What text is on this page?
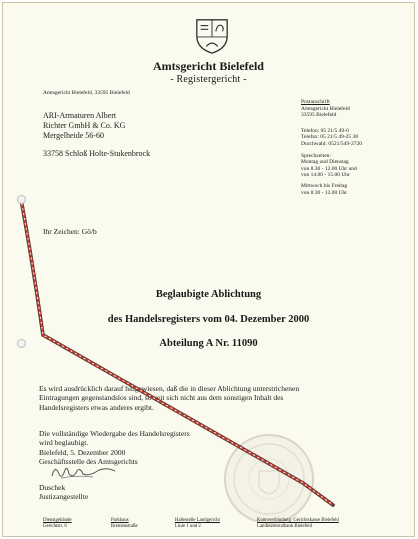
Amtsgericht Bielefeld
- Registergericht -
Amtsgericht Bielefeld, 33595 Bielefeld
ARI-Armaturen Albert
Richter GmbH & Co. KG
Mergelheide 56-60
33758 Schloß Holte-Stukenbrock
Postanschrift
Amtsgericht Bielefeld
33595 Bielefeld
Telefon: 05 21/5 49-0
Telefax: 05 21/5 49-25 38
Durchwahl: 0521/549-2720
Sprechzeiten:
Montag und Dienstag
von 8.30 - 12.00 Uhr und
von 14.00 - 15.00 Uhr
Mittwoch bis Freitag
von 8.30 - 12.00 Uhr
Ihr Zeichen: Gö/b
Beglaubigte Ablichtung
des Handelsregisters vom 04. Dezember 2000
Abteilung A Nr. 11090
Es wird ausdrücklich darauf hingewiesen, daß die in dieser Ablichtung unterstrichenen
Eintragungen gegenstandslos sind, soweit sich nicht aus dem sonstigen Inhalt des
Handelsregisters etwas anderes ergibt.
Die vollständige Wiedergabe des Handelsregisters
wird beglaubigt.
Bielefeld, 5. Dezember 2000
Geschäftsstelle des Amtsgerichts
Duschek
Justizangestellte
Dienstgebäude
Gerichtstr. 6
Parkhaus
Bremenstraße
Haltestelle Landgericht
Linie 1 und 2
Kontoverbindung: Gerichtskasse Bielefeld
Landeszentralbank Bielefeld
